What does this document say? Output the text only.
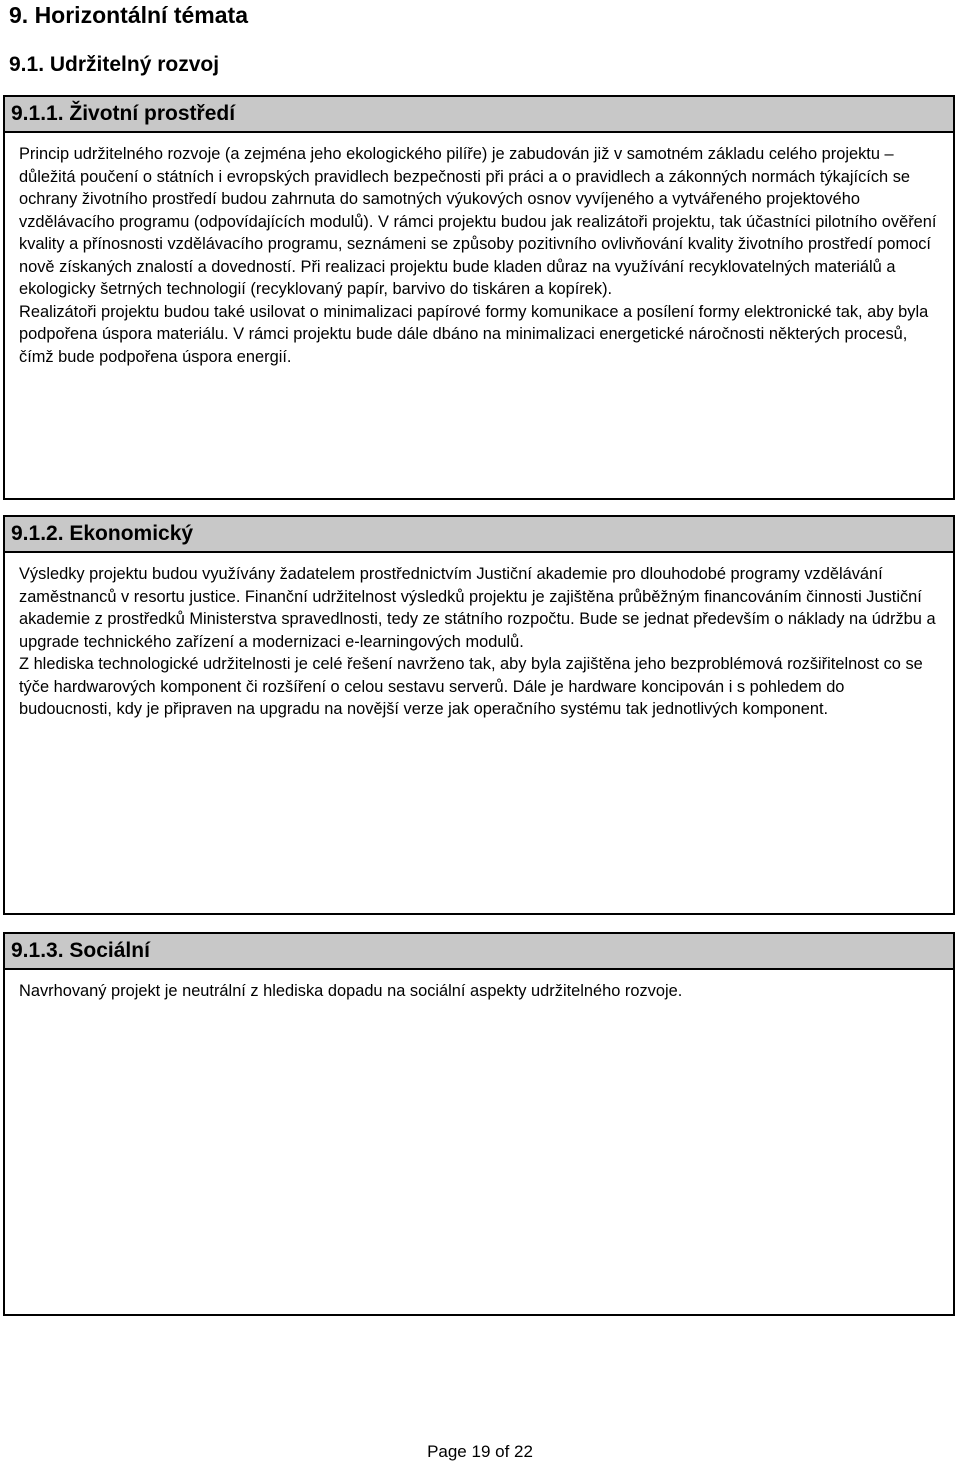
9. Horizontální témata
9.1. Udržitelný rozvoj
9.1.1. Životní prostředí

Princip udržitelného rozvoje (a zejména jeho ekologického pilíře) je zabudován již v samotném základu celého projektu – důležitá poučení o státních i evropských pravidlech bezpečnosti při práci a o pravidlech a zákonných normách týkajících se ochrany životního prostředí budou zahrnuta do samotných výukových osnov vyvíjeného a vytvářeného projektového vzdělávacího programu (odpovídajících modulů). V rámci projektu budou jak realizátoři projektu, tak účastníci pilotního ověření kvality a přínosnosti vzdělávacího programu, seznámeni se způsoby pozitivního ovlivňování kvality životního prostředí pomocí nově získaných znalostí a dovedností. Při realizaci projektu bude kladen důraz na využívání recyklovatelných materiálů a ekologicky šetrných technologií (recyklovaný papír, barvivo do tiskáren a kopírek).

Realizátoři projektu budou také usilovat o minimalizaci papírové formy komunikace a posílení formy elektronické tak, aby byla podpořena úspora materiálu. V rámci projektu bude dále dbáno na minimalizaci energetické náročnosti některých procesů, čímž bude podpořena úspora energií.

9.1.2. Ekonomický

Výsledky projektu budou využívány žadatelem prostřednictvím Justiční akademie pro dlouhodobé programy vzdělávání zaměstnanců v resortu justice. Finanční udržitelnost výsledků projektu je zajištěna průběžným financováním činnosti Justiční akademie z prostředků Ministerstva spravedlnosti, tedy ze státního rozpočtu. Bude se jednat především o náklady na údržbu a upgrade technického zařízení a modernizaci e-learningových modulů.

Z hlediska technologické udržitelnosti je celé řešení navrženo tak, aby byla zajištěna jeho bezproblémová rozšiřitelnost co se týče hardwarových komponent či rozšíření o celou sestavu serverů. Dále je hardware koncipován i s pohledem do budoucnosti, kdy je připraven na upgradu na novější verze jak operačního systému tak jednotlivých komponent.

9.1.3. Sociální

Navrhovaný projekt je neutrální z hlediska dopadu na sociální aspekty udržitelného rozvoje.

Page 19 of 22
